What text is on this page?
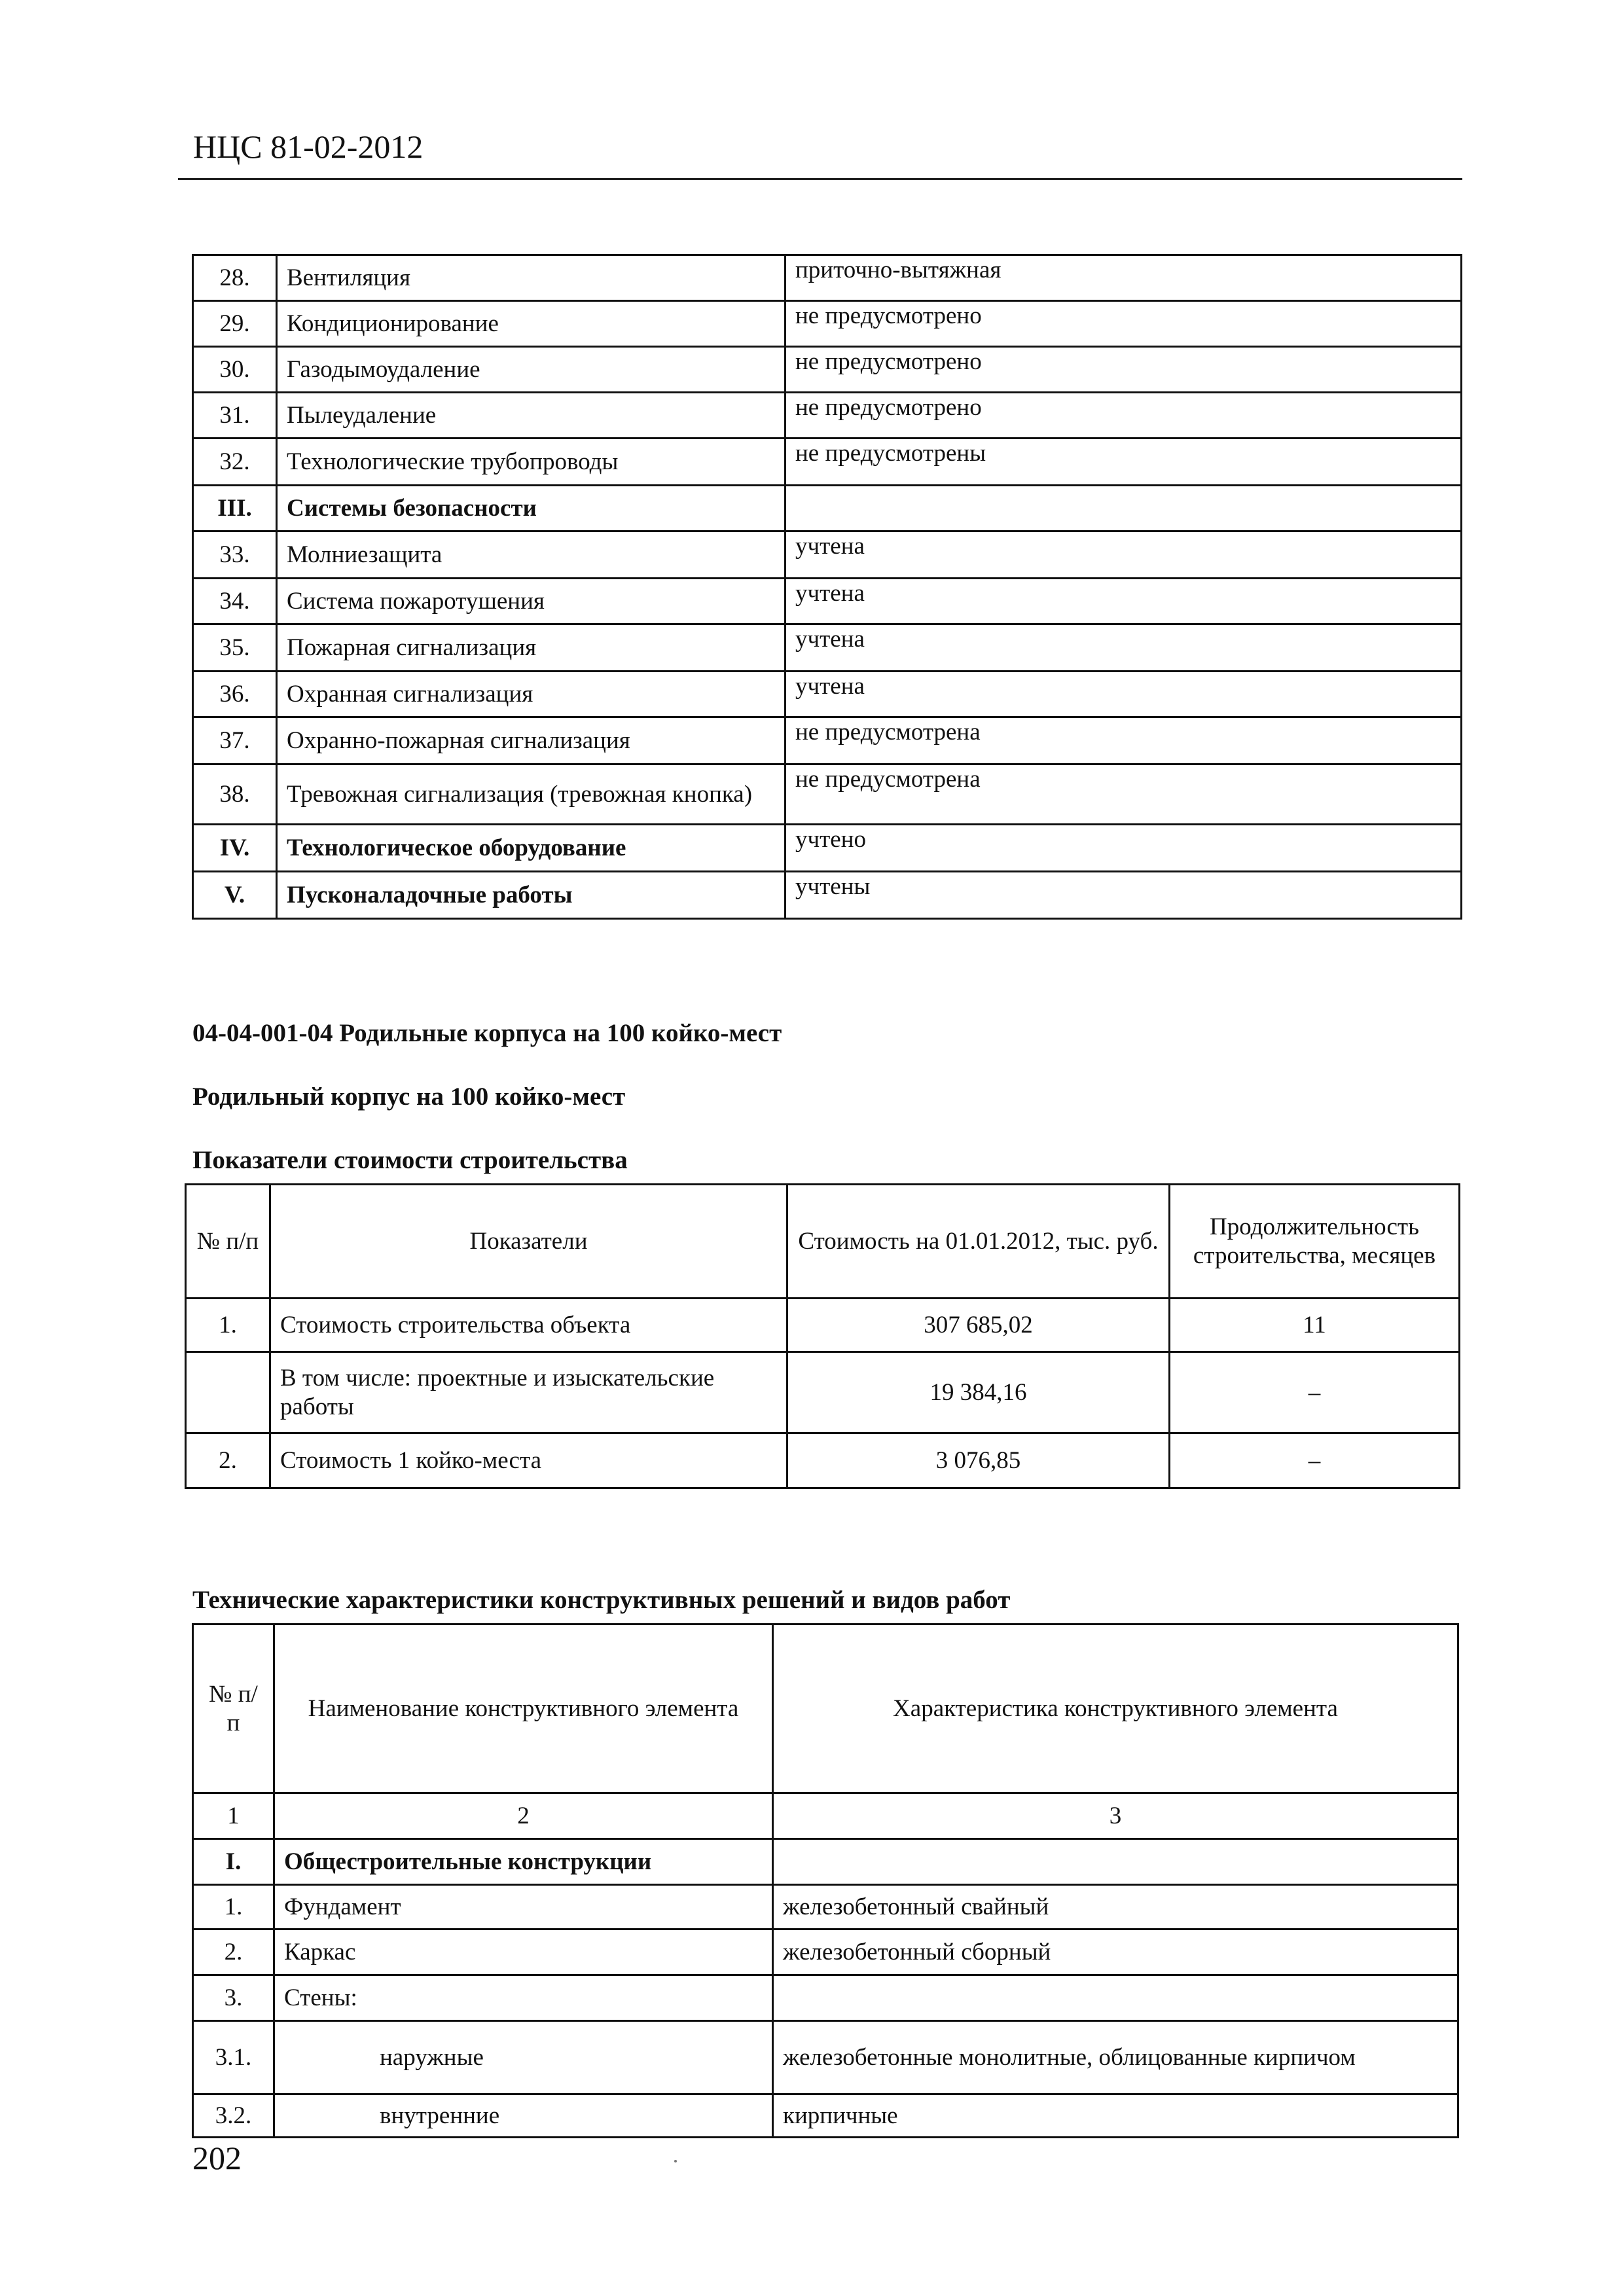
НЦС 81-02-2012
28.	Вентиляция	приточно-вытяжная
29.	Кондиционирование	не предусмотрено
30.	Газодымоудаление	не предусмотрено
31.	Пылеудаление	не предусмотрено
32.	Технологические трубопроводы	не предусмотрены
III.	Системы безопасности	
33.	Молниезащита	учтена
34.	Система пожаротушения	учтена
35.	Пожарная сигнализация	учтена
36.	Охранная сигнализация	учтена
37.	Охранно-пожарная сигнализация	не предусмотрена
38.	Тревожная сигнализация (тревожная кнопка)	не предусмотрена
IV.	Технологическое оборудование	учтено
V.	Пусконаладочные работы	учтены
04-04-001-04 Родильные корпуса на 100 койко-мест
Родильный корпус на 100 койко-мест
Показатели стоимости строительства
№ п/п	Показатели	Стоимость на 01.01.2012, тыс. руб.	Продолжительность строительства, месяцев
1.	Стоимость строительства объекта	307 685,02	11
	В том числе: проектные и изыскательские работы	19 384,16	–
2.	Стоимость 1 койко-места	3 076,85	–
Технические характеристики конструктивных решений и видов работ
№ п/п	Наименование конструктивного элемента	Характеристика конструктивного элемента
1	2	3
I.	Общестроительные конструкции	
1.	Фундамент	железобетонный свайный
2.	Каркас	железобетонный сборный
3.	Стены:	
3.1.	наружные	железобетонные монолитные, облицованные кирпичом
3.2.	внутренние	кирпичные
202
